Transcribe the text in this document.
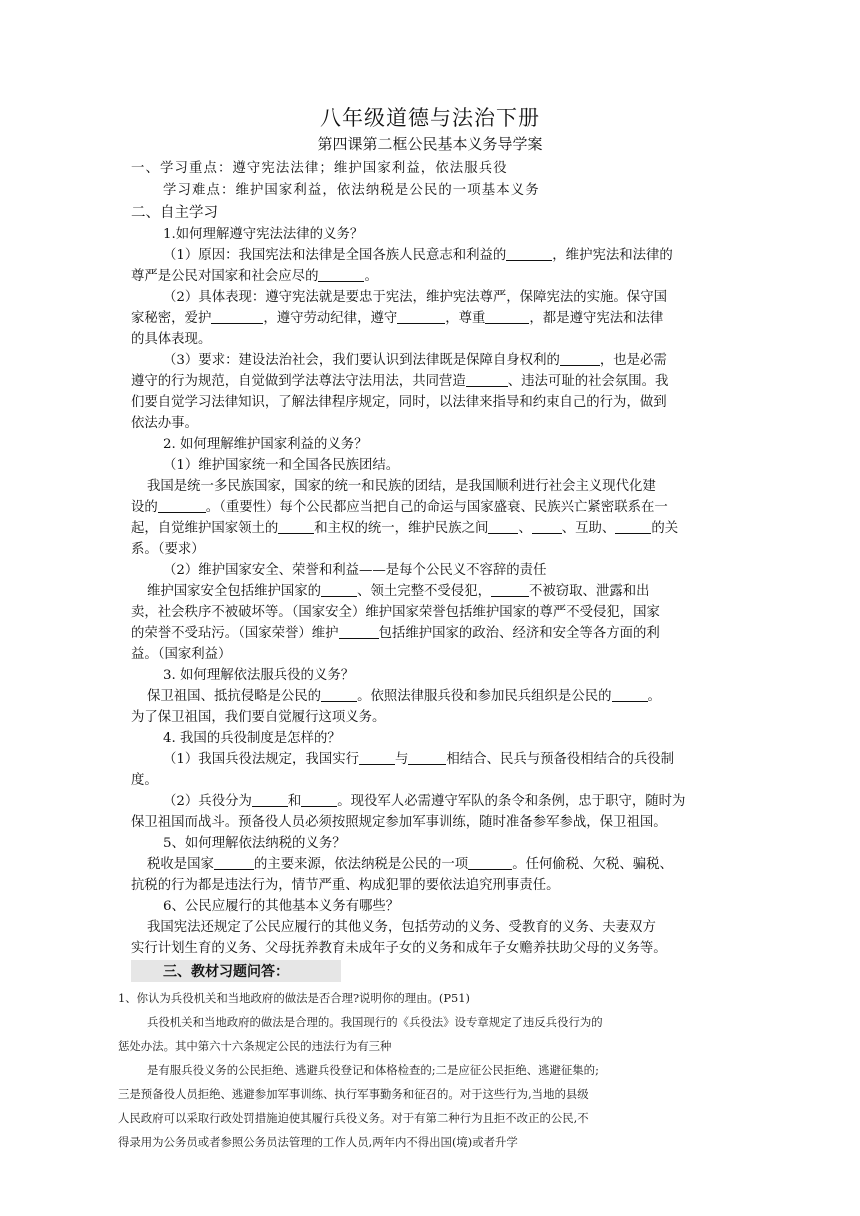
八年级道德与法治下册
第四课第二框公民基本义务导学案
一、学习重点：遵守宪法法律；维护国家利益，依法服兵役
学习难点：维护国家利益，依法纳税是公民的一项基本义务
二、自主学习
1.如何理解遵守宪法法律的义务？
（1）原因：我国宪法和法律是全国各族人民意志和利益的	，维护宪法和法律的
尊严是公民对国家和社会应尽的	。
（2）具体表现：遵守宪法就是要忠于宪法，维护宪法尊严，保障宪法的实施。保守国
家秘密，爱护	，遵守劳动纪律，遵守	，尊重	，都是遵守宪法和法律
的具体表现。
（3）要求：建设法治社会，我们要认识到法律既是保障自身权利的	，也是必需
遵守的行为规范，自觉做到学法尊法守法用法，共同营造	、违法可耻的社会氛围。我
们要自觉学习法律知识，了解法律程序规定，同时，以法律来指导和约束自己的行为，做到
依法办事。
2. 如何理解维护国家利益的义务？
（1）维护国家统一和全国各民族团结。
我国是统一多民族国家，国家的统一和民族的团结，是我国顺利进行社会主义现代化建
设的	。（重要性）每个公民都应当把自己的命运与国家盛衰、民族兴亡紧密联系在一
起，自觉维护国家领土的	和主权的统一，维护民族之间 、 、互助、	的关
系。（要求）
（2）维护国家安全、荣誉和利益——是每个公民义不容辞的责任
维护国家安全包括维护国家的	、领土完整不受侵犯，	不被窃取、泄露和出
卖，社会秩序不被破坏等。（国家安全）维护国家荣誉包括维护国家的尊严不受侵犯，国家
的荣誉不受玷污。（国家荣誉）维护	包括维护国家的政治、经济和安全等各方面的利
益。（国家利益）
3. 如何理解依法服兵役的义务？
保卫祖国、抵抗侵略是公民的	。依照法律服兵役和参加民兵组织是公民的	。
为了保卫祖国，我们要自觉履行这项义务。
4. 我国的兵役制度是怎样的？
（1）我国兵役法规定，我国实行	与	相结合、民兵与预备役相结合的兵役制
度。
（2）兵役分为	和	。现役军人必需遵守军队的条令和条例，忠于职守，随时为
保卫祖国而战斗。预备役人员必须按照规定参加军事训练，随时准备参军参战，保卫祖国。
5、如何理解依法纳税的义务？
税收是国家	的主要来源，依法纳税是公民的一项	。任何偷税、欠税、骗税、
抗税的行为都是违法行为，情节严重、构成犯罪的要依法追究刑事责任。
6、公民应履行的其他基本义务有哪些？
1、你认为兵役机关和当地政府的做法是否合理?说明你的理由。(P51)
兵役机关和当地政府的做法是合理的。我国现行的《兵役法》设专章规定了违反兵役行为的
惩处办法。其中第六十六条规定公民的违法行为有三种
是有服兵役义务的公民拒绝、逃避兵役登记和体格检查的;二是应征公民拒绝、逃避征集的;
三是预备役人员拒绝、逃避参加军事训练、执行军事勤务和征召的。对于这些行为,当地的县级
人民政府可以采取行政处罚措施迫使其履行兵役义务。对于有第二种行为且拒不改正的公民,不
得录用为公务员或者参照公务员法管理的工作人员,两年内不得出国(境)或者升学
三、教材习题问答：
我国宪法还规定了公民应履行的其他义务，包括劳动的义务、受教育的义务、夫妻双方
实行计划生育的义务、父母抚养教育未成年子女的义务和成年子女赡养扶助父母的义务等。
